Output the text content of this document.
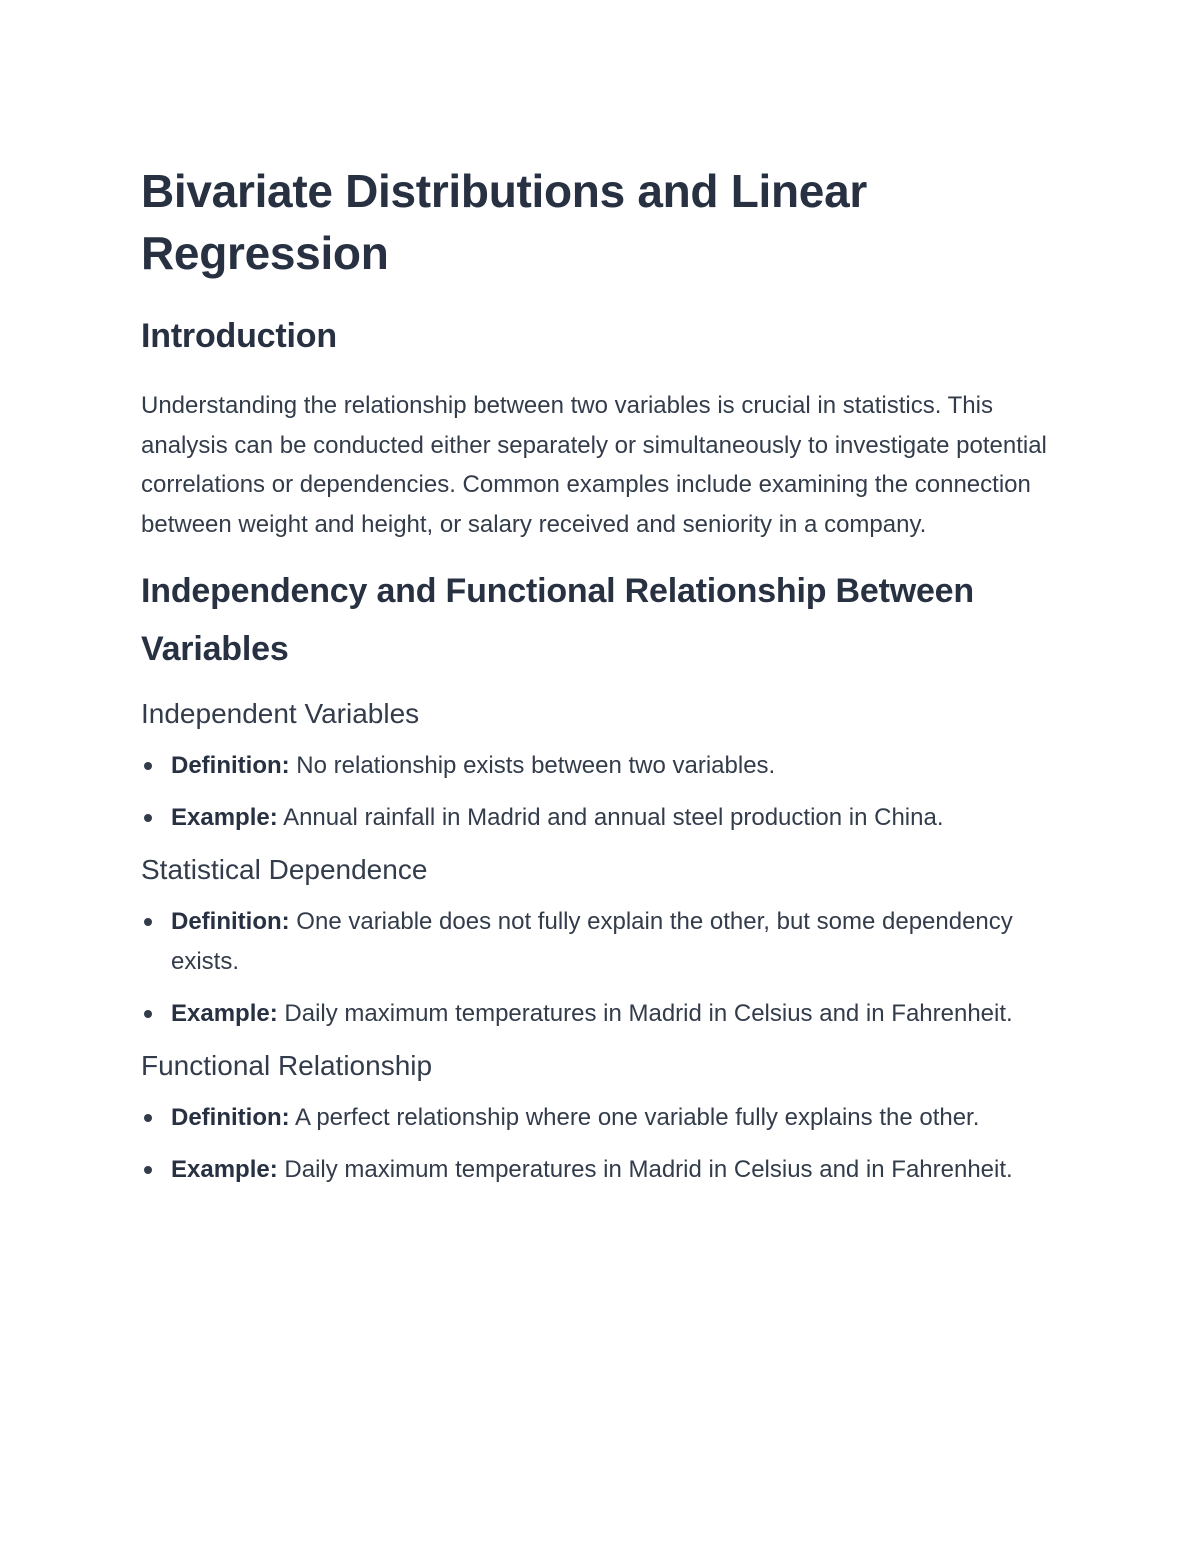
Bivariate Distributions and Linear Regression
Introduction

Understanding the relationship between two variables is crucial in statistics. This analysis can be conducted either separately or simultaneously to investigate potential correlations or dependencies. Common examples include examining the connection between weight and height, or salary received and seniority in a company.

Independency and Functional Relationship Between Variables
Independent Variables
Definition: No relationship exists between two variables.
Example: Annual rainfall in Madrid and annual steel production in China.
Statistical Dependence
Definition: One variable does not fully explain the other, but some dependency exists.
Example: Daily maximum temperatures in Madrid in Celsius and in Fahrenheit.
Functional Relationship
Definition: A perfect relationship where one variable fully explains the other.
Example: Daily maximum temperatures in Madrid in Celsius and in Fahrenheit.
